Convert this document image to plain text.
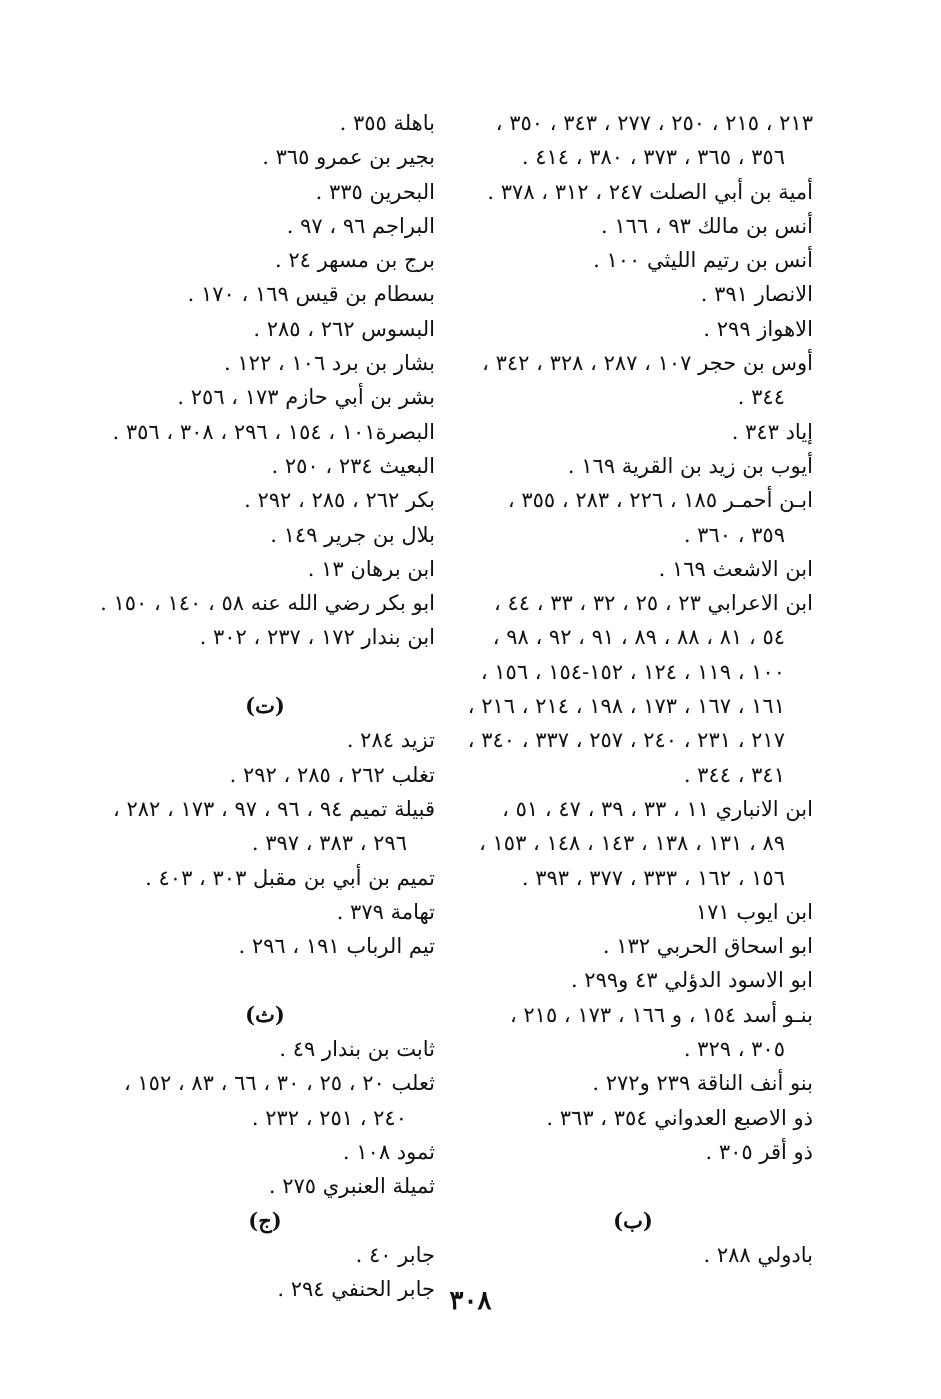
٢١٣ ، ٢١٥ ، ٢٥٠ ، ٢٧٧ ، ٣٤٣ ، ٣٥٠ ،
٣٥٦ ، ٣٦٥ ، ٣٧٣ ، ٣٨٠ ، ٤١٤ .
أمية بن أبي الصلت ٢٤٧ ، ٣١٢ ، ٣٧٨ .
أنس بن مالك ٩٣ ، ١٦٦ .
أنس بن رتيم الليثي ١٠٠ .
الانصار ٣٩١ .
الاهواز ٢٩٩ .
أوس بن حجر ١٠٧ ، ٢٨٧ ، ٣٢٨ ، ٣٤٢ ،
٣٤٤ .
إياد ٣٤٣ .
أيوب بن زيد بن القرية ١٦٩ .
ابـن أحمـر ١٨٥ ، ٢٢٦ ، ٢٨٣ ، ٣٥٥ ،
٣٥٩ ، ٣٦٠ .
ابن الاشعث ١٦٩ .
ابن الاعرابي ٢٣ ، ٢٥ ، ٣٢ ، ٣٣ ، ٤٤ ،
٥٤ ، ٨١ ، ٨٨ ، ٨٩ ، ٩١ ، ٩٢ ، ٩٨ ،
١٠٠ ، ١١٩ ، ١٢٤ ، ١٥٢-١٥٤ ، ١٥٦ ،
١٦١ ، ١٦٧ ، ١٧٣ ، ١٩٨ ، ٢١٤ ، ٢١٦ ،
٢١٧ ، ٢٣١ ، ٢٤٠ ، ٢٥٧ ، ٣٣٧ ، ٣٤٠ ،
٣٤١ ، ٣٤٤ .
ابن الانباري ١١ ، ٣٣ ، ٣٩ ، ٤٧ ، ٥١ ،
٨٩ ، ١٣١ ، ١٣٨ ، ١٤٣ ، ١٤٨ ، ١٥٣ ،
١٥٦ ، ١٦٢ ، ٣٣٣ ، ٣٧٧ ، ٣٩٣ .
ابن ايوب ١٧١
ابو اسحاق الحربي ١٣٢ .
ابو الاسود الدؤلي ٤٣ و٢٩٩ .
بنـو أسد ١٥٤ ، و ١٦٦ ، ١٧٣ ، ٢١٥ ،
٣٠٥ ، ٣٢٩ .
بنو أنف الناقة ٢٣٩ و٢٧٢ .
ذو الاصبع العدواني ٣٥٤ ، ٣٦٣ .
ذو أقر ٣٠٥ .
(ب)
بادولي ٢٨٨ .
باهلة ٣٥٥ .
بجير بن عمرو ٣٦٥ .
البحرين ٣٣٥ .
البراجم ٩٦ ، ٩٧ .
برج بن مسهر ٢٤ .
بسطام بن قيس ١٦٩ ، ١٧٠ .
البسوس ٢٦٢ ، ٢٨٥ .
بشار بن برد ١٠٦ ، ١٢٢ .
بشر بن أبي حازم ١٧٣ ، ٢٥٦ .
البصرة١٠١ ، ١٥٤ ، ٢٩٦ ، ٣٠٨ ، ٣٥٦ .
البعيث ٢٣٤ ، ٢٥٠ .
بكر ٢٦٢ ، ٢٨٥ ، ٢٩٢ .
بلال بن جرير ١٤٩ .
ابن برهان ١٣ .
ابو بكر رضي الله عنه ٥٨ ، ١٤٠ ، ١٥٠ .
ابن بندار ١٧٢ ، ٢٣٧ ، ٣٠٢ .
(ت)
تزيد ٢٨٤ .
تغلب ٢٦٢ ، ٢٨٥ ، ٢٩٢ .
قبيلة تميم ٩٤ ، ٩٦ ، ٩٧ ، ١٧٣ ، ٢٨٢ ،
٢٩٦ ، ٣٨٣ ، ٣٩٧ .
تميم بن أبي بن مقبل ٣٠٣ ، ٤٠٣ .
تهامة ٣٧٩ .
تيم الرباب ١٩١ ، ٢٩٦ .
(ث)
ثابت بن بندار ٤٩ .
ثعلب ٢٠ ، ٢٥ ، ٣٠ ، ٦٦ ، ٨٣ ، ١٥٢ ،
٢٤٠ ، ٢٥١ ، ٢٣٢ .
ثمود ١٠٨ .
ثميلة العنبري ٢٧٥ .
(ج)
جابر ٤٠ .
جابر الحنفي ٢٩٤ . ٣٠٨
